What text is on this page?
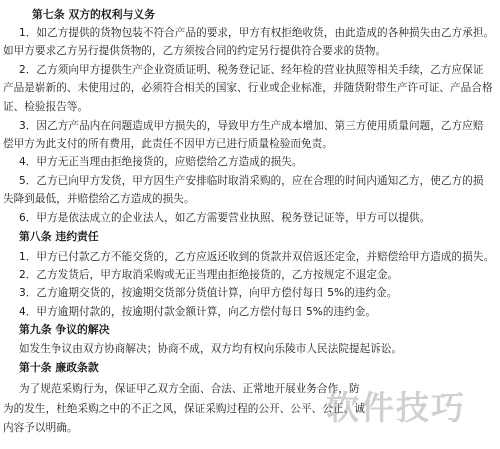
第七条 双方的权利与义务
1．如乙方提供的货物包装不符合产品的要求，甲方有权拒绝收货，由此造成的各种损失由乙方承担。
如甲方要求乙方另行提供货物的，乙方须按合同的约定另行提供符合要求的货物。
2．乙方须向甲方提供生产企业资质证明、税务登记证、经年检的营业执照等相关手续，乙方应保证
产品是崭新的、未使用过的，必须符合相关的国家、行业或企业标准，并随货附带生产许可证、产品合格
证、检验报告等。
3．因乙方产品内在问题造成甲方损失的，导致甲方生产成本增加、第三方使用质量问题，乙方应赔
偿甲方为此支付的所有费用，此责任不因甲方已进行质量检验而免责。
4．甲方无正当理由拒绝接货的，应赔偿给乙方造成的损失。
5．乙方已向甲方发货，甲方因生产安排临时取消采购的，应在合理的时间内通知乙方，使乙方的损
失降到最低，并赔偿给乙方造成的损失。
6．甲方是依法成立的企业法人，如乙方需要营业执照、税务登记证等，甲方可以提供。
第八条 违约责任
1．甲方已付款乙方不能交货的，乙方应返还收到的货款并双倍返还定金，并赔偿给甲方造成的损失。
2．乙方发货后，甲方取消采购或无正当理由拒绝接货的，乙方按规定不退定金。
3．乙方逾期交货的，按逾期交货部分货值计算，向甲方偿付每日 5%的违约金。
4．甲方逾期付款的，按逾期付款金额计算，向乙方偿付每日 5%的违约金。
第九条 争议的解决
如发生争议由双方协商解决；协商不成，双方均有权向乐陵市人民法院提起诉讼。
第十条 廉政条款
为了规范采购行为，保证甲乙双方全面、合法、正常地开展业务合作，防
为的发生，杜绝采购之中的不正之风，保证采购过程的公开、公平、公正、诚
内容予以明确。
软件技巧
